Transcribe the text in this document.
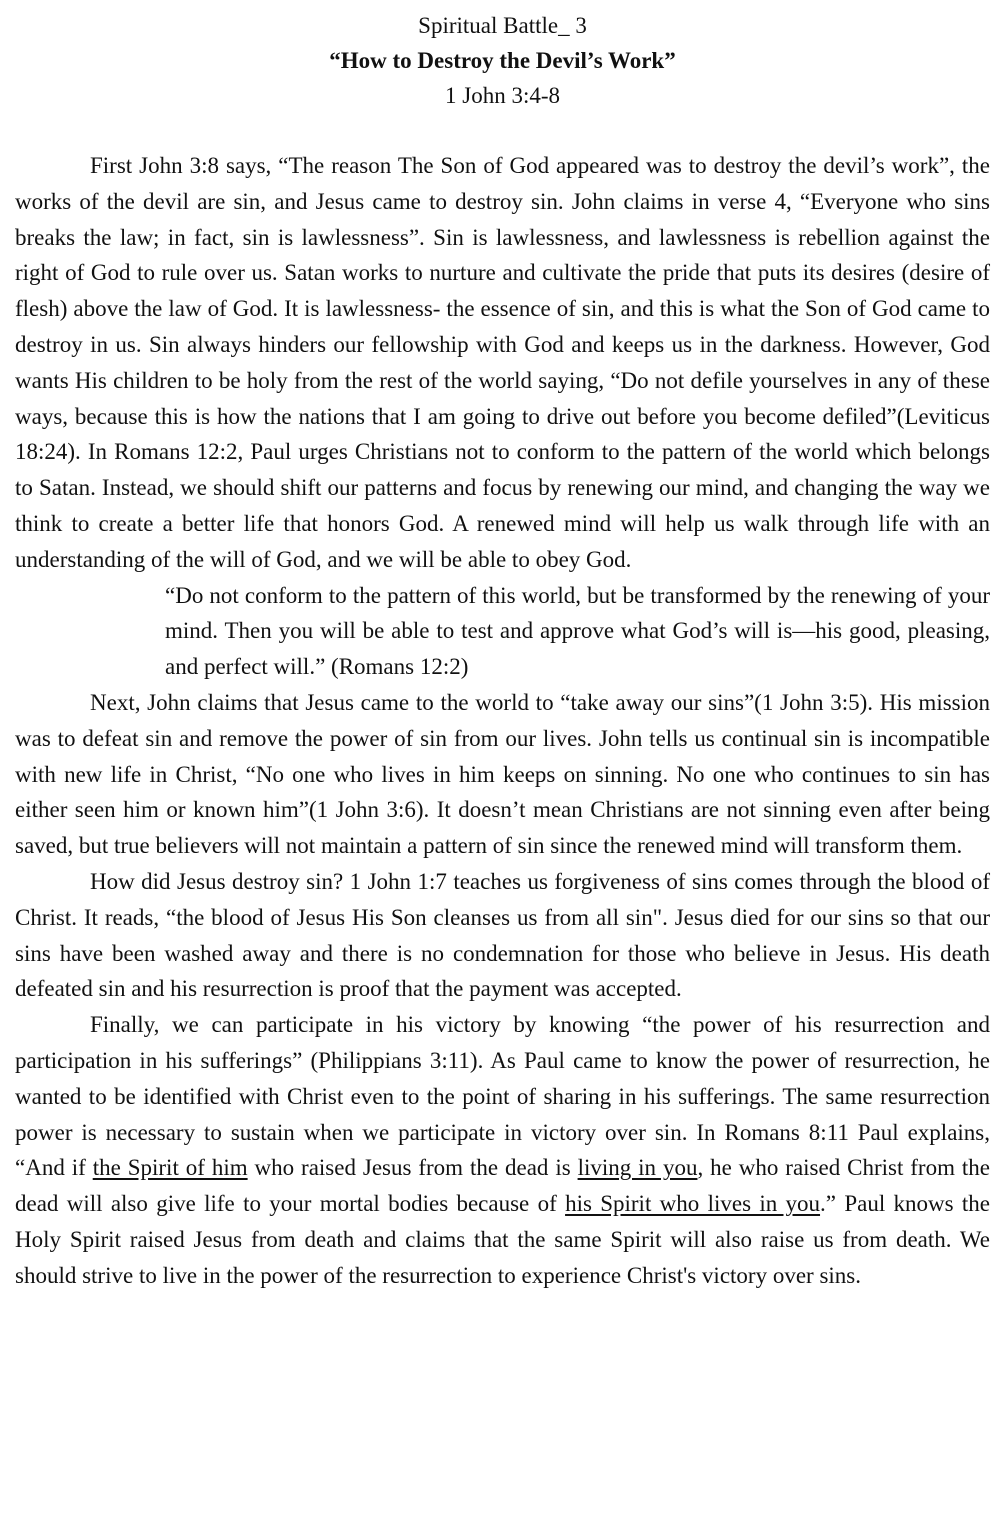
Spiritual Battle_ 3
“How to Destroy the Devil’s Work”
1 John 3:4-8

First John 3:8 says, “The reason The Son of God appeared was to destroy the devil’s work”, the works of the devil are sin, and Jesus came to destroy sin. John claims in verse 4, “Everyone who sins breaks the law; in fact, sin is lawlessness”. Sin is lawlessness, and lawlessness is rebellion against the right of God to rule over us. Satan works to nurture and cultivate the pride that puts its desires (desire of flesh) above the law of God. It is lawlessness- the essence of sin, and this is what the Son of God came to destroy in us. Sin always hinders our fellowship with God and keeps us in the darkness. However, God wants His children to be holy from the rest of the world saying, “Do not defile yourselves in any of these ways, because this is how the nations that I am going to drive out before you become defiled”(Leviticus 18:24). In Romans 12:2, Paul urges Christians not to conform to the pattern of the world which belongs to Satan. Instead, we should shift our patterns and focus by renewing our mind, and changing the way we think to create a better life that honors God. A renewed mind will help us walk through life with an understanding of the will of God, and we will be able to obey God.

“Do not conform to the pattern of this world, but be transformed by the renewing of your mind. Then you will be able to test and approve what God’s will is—his good, pleasing, and perfect will.” (Romans 12:2)

Next, John claims that Jesus came to the world to “take away our sins”(1 John 3:5). His mission was to defeat sin and remove the power of sin from our lives. John tells us continual sin is incompatible with new life in Christ, “No one who lives in him keeps on sinning. No one who continues to sin has either seen him or known him”(1 John 3:6). It doesn’t mean Christians are not sinning even after being saved, but true believers will not maintain a pattern of sin since the renewed mind will transform them.

How did Jesus destroy sin? 1 John 1:7 teaches us forgiveness of sins comes through the blood of Christ. It reads, “the blood of Jesus His Son cleanses us from all sin". Jesus died for our sins so that our sins have been washed away and there is no condemnation for those who believe in Jesus. His death defeated sin and his resurrection is proof that the payment was accepted.

Finally, we can participate in his victory by knowing “the power of his resurrection and participation in his sufferings” (Philippians 3:11). As Paul came to know the power of resurrection, he wanted to be identified with Christ even to the point of sharing in his sufferings. The same resurrection power is necessary to sustain when we participate in victory over sin. In Romans 8:11 Paul explains, “And if the Spirit of him who raised Jesus from the dead is living in you, he who raised Christ from the dead will also give life to your mortal bodies because of his Spirit who lives in you.” Paul knows the Holy Spirit raised Jesus from death and claims that the same Spirit will also raise us from death. We should strive to live in the power of the resurrection to experience Christ's victory over sins.
